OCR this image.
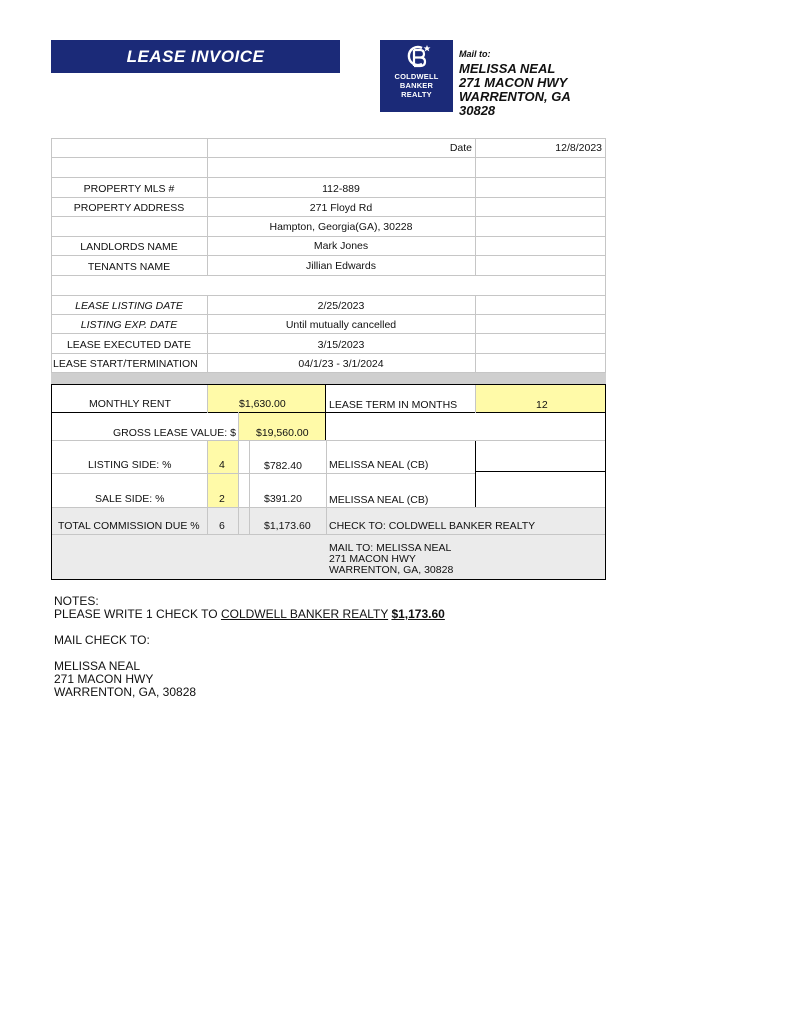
LEASE INVOICE
COLDWELL
BANKER
REALTY
Mail to:
MELISSA NEAL
271 MACON HWY
WARRENTON, GA
30828
Date	12/8/2023
PROPERTY MLS #	112-889
PROPERTY ADDRESS	271 Floyd Rd
Hampton, Georgia(GA), 30228
LANDLORDS NAME	Mark Jones
TENANTS NAME	Jillian Edwards
LEASE LISTING DATE	2/25/2023
LISTING EXP. DATE	Until mutually cancelled
LEASE EXECUTED DATE	3/15/2023
LEASE START/TERMINATION	04/1/23 - 3/1/2024
MONTHLY RENT	$1,630.00	LEASE TERM IN MONTHS	12
GROSS LEASE VALUE: $ $19,560.00
LISTING SIDE: %	4	$782.40	MELISSA NEAL (CB)
SALE SIDE: %	2	$391.20	MELISSA NEAL (CB)
TOTAL COMMISSION DUE % 6	$1,173.60 CHECK TO: COLDWELL BANKER REALTY
MAIL TO: MELISSA NEAL
271 MACON HWY
WARRENTON, GA, 30828

NOTES:

PLEASE WRITE 1 CHECK TO COLDWELL BANKER REALTY $1,173.60

MAIL CHECK TO:

MELISSA NEAL

271 MACON HWY

WARRENTON, GA, 30828
